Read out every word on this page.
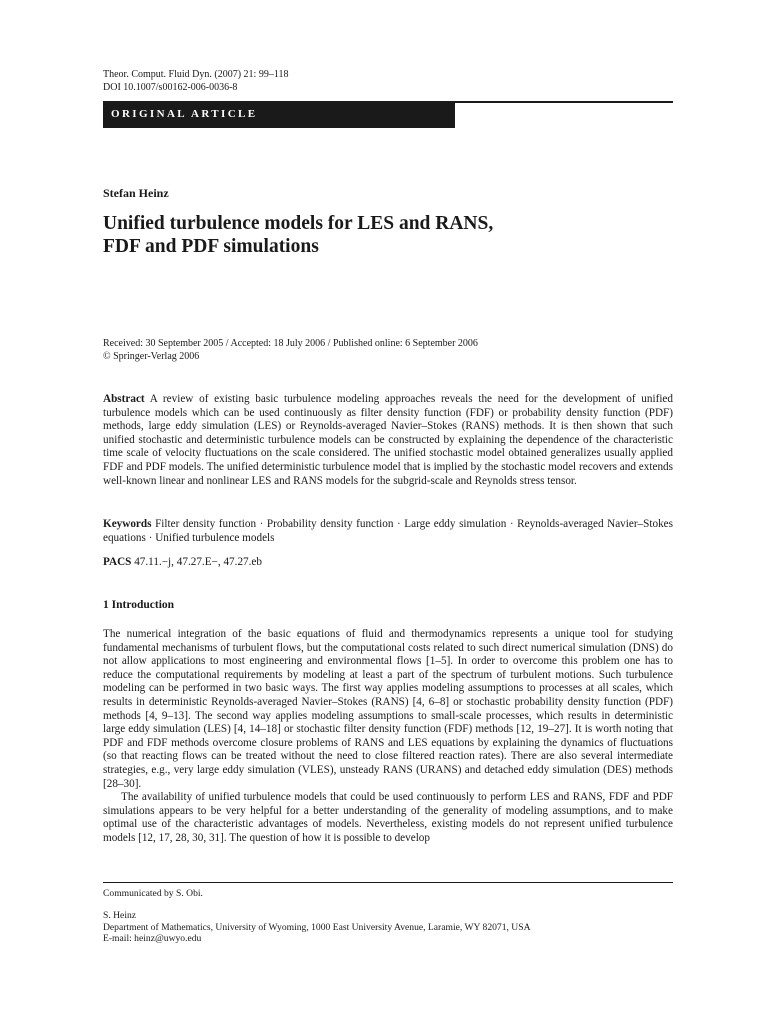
Theor. Comput. Fluid Dyn. (2007) 21: 99–118
DOI 10.1007/s00162-006-0036-8
ORIGINAL ARTICLE
Stefan Heinz
Unified turbulence models for LES and RANS,
FDF and PDF simulations
Received: 30 September 2005 / Accepted: 18 July 2006 / Published online: 6 September 2006
© Springer-Verlag 2006
Abstract A review of existing basic turbulence modeling approaches reveals the need for the development of unified turbulence models which can be used continuously as filter density function (FDF) or probability density function (PDF) methods, large eddy simulation (LES) or Reynolds-averaged Navier–Stokes (RANS) methods. It is then shown that such unified stochastic and deterministic turbulence models can be constructed by explaining the dependence of the characteristic time scale of velocity fluctuations on the scale considered. The unified stochastic model obtained generalizes usually applied FDF and PDF models. The unified deterministic turbulence model that is implied by the stochastic model recovers and extends well-known linear and nonlinear LES and RANS models for the subgrid-scale and Reynolds stress tensor.
Keywords Filter density function · Probability density function · Large eddy simulation · Reynolds-averaged Navier–Stokes equations · Unified turbulence models
PACS 47.11.−j, 47.27.E−, 47.27.eb
1 Introduction
The numerical integration of the basic equations of fluid and thermodynamics represents a unique tool for studying fundamental mechanisms of turbulent flows, but the computational costs related to such direct numerical simulation (DNS) do not allow applications to most engineering and environmental flows [1–5]. In order to overcome this problem one has to reduce the computational requirements by modeling at least a part of the spectrum of turbulent motions. Such turbulence modeling can be performed in two basic ways. The first way applies modeling assumptions to processes at all scales, which results in deterministic Reynolds-averaged Navier–Stokes (RANS) [4, 6–8] or stochastic probability density function (PDF) methods [4, 9–13]. The second way applies modeling assumptions to small-scale processes, which results in deterministic large eddy simulation (LES) [4, 14–18] or stochastic filter density function (FDF) methods [12, 19–27]. It is worth noting that PDF and FDF methods overcome closure problems of RANS and LES equations by explaining the dynamics of fluctuations (so that reacting flows can be treated without the need to close filtered reaction rates). There are also several intermediate strategies, e.g., very large eddy simulation (VLES), unsteady RANS (URANS) and detached eddy simulation (DES) methods [28–30].
The availability of unified turbulence models that could be used continuously to perform LES and RANS, FDF and PDF simulations appears to be very helpful for a better understanding of the generality of modeling assumptions, and to make optimal use of the characteristic advantages of models. Nevertheless, existing models do not represent unified turbulence models [12, 17, 28, 30, 31]. The question of how it is possible to develop
Communicated by S. Obi.
S. Heinz
Department of Mathematics, University of Wyoming, 1000 East University Avenue, Laramie, WY 82071, USA
E-mail: heinz@uwyo.edu
